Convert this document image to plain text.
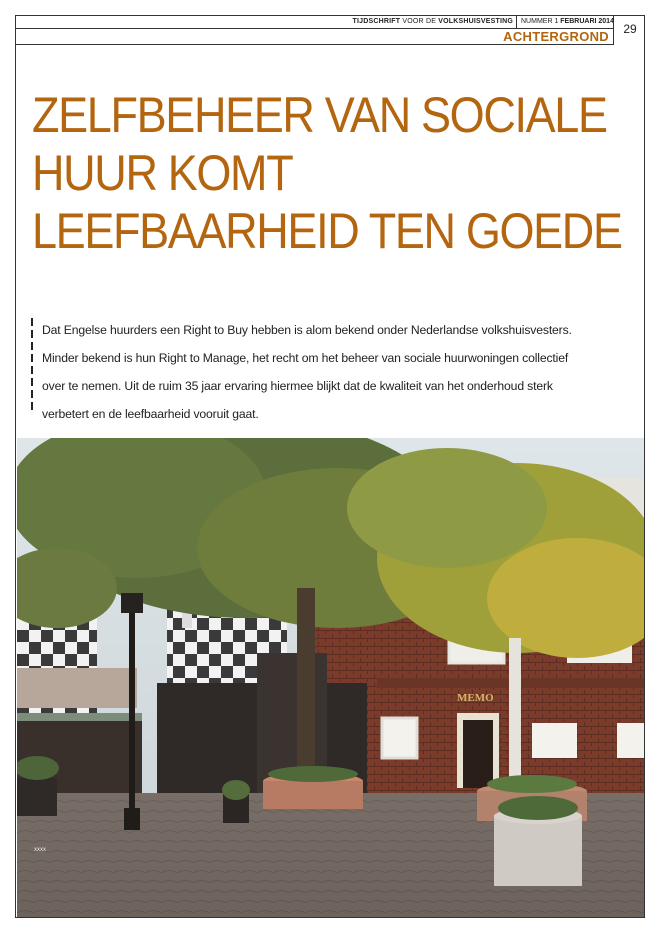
TIJDSCHRIFT VOOR DE VOLKSHUISVESTING NUMMER 1 FEBRUARI 2014
ACHTERGROND	29
ZELFBEHEER VAN SOCIALE
HUUR KOMT
LEEFBAARHEID TEN GOEDE

Dat Engelse huurders een Right to Buy hebben is alom bekend onder Nederlandse volkshuisvesters.
Minder bekend is hun Right to Manage, het recht om het beheer van sociale huurwoningen collectief
over te nemen. Uit de ruim 35 jaar ervaring hiermee blijkt dat de kwaliteit van het onderhoud sterk
verbetert en de leefbaarheid vooruit gaat.

MEMO
xxxx
